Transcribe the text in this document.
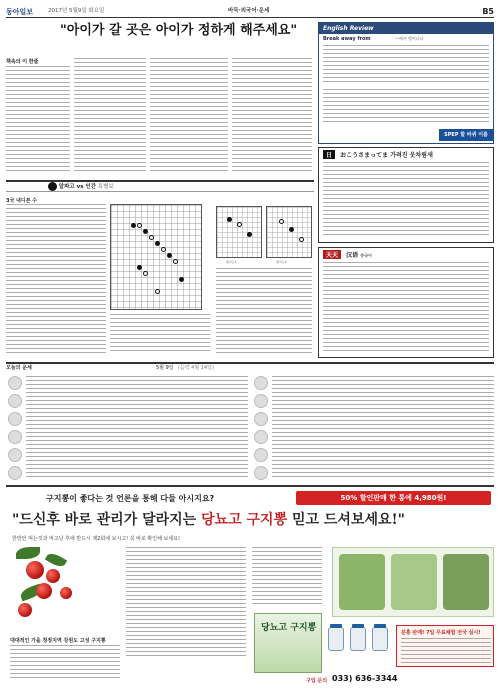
동아일보	2017년 5월9일 화요일	바둑·외국어·운세	B5
"아이가 갈 곳은 아이가 정하게 해주세요"
책속의 이 한줄
알파고 vs 인간 특별보
3국 내디본 수
참고도1	참고도2
English Review
Break away from	—에서 벗어나다
SPEP 할 바퀴 이름
日 おこうさまってま 가려진 옷차림새
天天 汉语 중국어
오늘의 운세	5월 9일 (음력 4월 14일)
구지뽕이 좋다는 것 언론을 통해 다들 아시지요?	50% 할인판매 한 통에 4,980원!
"드신후 바로 관리가 달라지는 당뇨고 구지뽕 믿고 드셔보세요!"
한반만 먹는것과 먹고난 후에 반드시 제2회에 보시고! 꼭 바로 확인해 보세요!
대대적인 가을 청정지역 강원도 고성 구지뽕
당뇨고 구지뽕	분홍 판매! 7일 무료체험 전국 실시!
구입 문의 033) 636-3344
